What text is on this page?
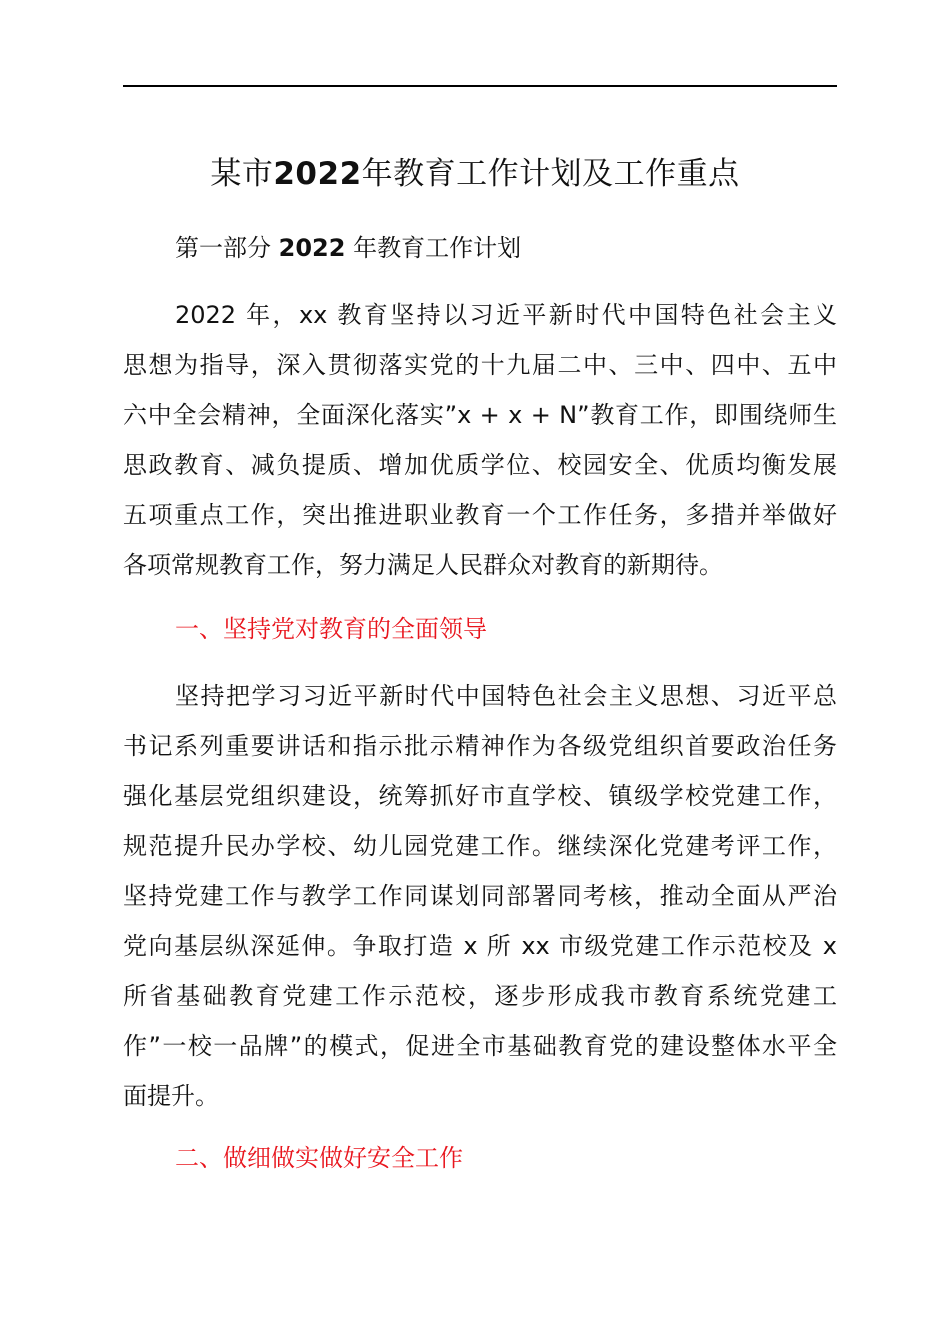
某市2022年教育工作计划及工作重点

第一部分 2022 年教育工作计划

2022 年，xx 教育坚持以习近平新时代中国特色社会主义
思想为指导，深入贯彻落实党的十九届二中、三中、四中、五中
六中全会精神，全面深化落实”x + x + N”教育工作，即围绕师生
思政教育、减负提质、增加优质学位、校园安全、优质均衡发展
五项重点工作，突出推进职业教育一个工作任务，多措并举做好
各项常规教育工作，努力满足人民群众对教育的新期待。
一、坚持党对教育的全面领导
坚持把学习习近平新时代中国特色社会主义思想、习近平总
书记系列重要讲话和指示批示精神作为各级党组织首要政治任务
强化基层党组织建设，统筹抓好市直学校、镇级学校党建工作，
规范提升民办学校、幼儿园党建工作。继续深化党建考评工作，
坚持党建工作与教学工作同谋划同部署同考核，推动全面从严治
党向基层纵深延伸。争取打造 x 所 xx 市级党建工作示范校及 x
所省基础教育党建工作示范校，逐步形成我市教育系统党建工
作”一校一品牌”的模式，促进全市基础教育党的建设整体水平全
面提升。
二、做细做实做好安全工作
